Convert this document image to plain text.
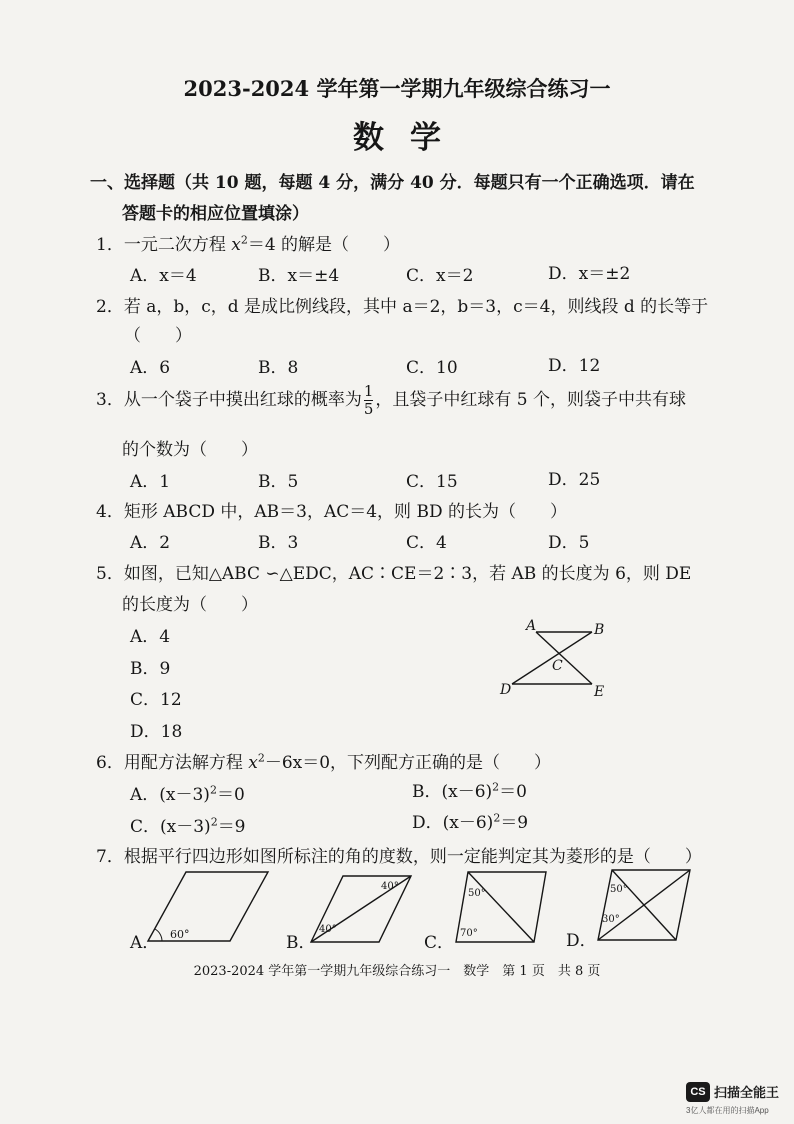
2023-2024 学年第一学期九年级综合练习一
数学
一、选择题（共 10 题，每题 4 分，满分 40 分．每题只有一个正确选项．请在
答题卡的相应位置填涂）
1．一元二次方程 $x^2=4$ 的解是（　　）
A．x＝4	B．x＝±4	C．x＝2	D．x＝±2
2．若 a，b，c，d 是成比例线段，其中 a＝2，b＝3，c＝4，则线段 d 的长等于
（　　）
A．6	B．8	C．10	D．12
3．从一个袋子中摸出红球的概率为 $\frac{1}{5}$ ，且袋子中红球有 5 个，则袋子中共有球
的个数为（　　）
A．1	B．5	C．15	D．25
4．矩形 ABCD 中，AB＝3，AC＝4，则 BD 的长为（　　）
A．2	B．3	C．4	D．5
5．如图，已知△ABC ∽△EDC，AC∶CE＝2∶3，若 AB 的长度为 6，则 DE
的长度为（　　）
A．4
B．9
C．12
D．18
A	B
C
D	E
6．用配方法解方程 $x^2-6x=0$，下列配方正确的是（　　）
A．$(x-3)^2=0$	B．$(x-6)^2=0$
C．$(x-3)^2=9$	D．$(x-6)^2=9$
7．根据平行四边形如图所标注的角的度数，则一定能判定其为菱形的是（　　）
A．	B．	C．	D．
60°	40°
40°
50°
70°
50°
30°
2023-2024 学年第一学期九年级综合练习一　数学　第 1 页　共 8 页
CS 扫描全能王
3亿人都在用的扫描App
